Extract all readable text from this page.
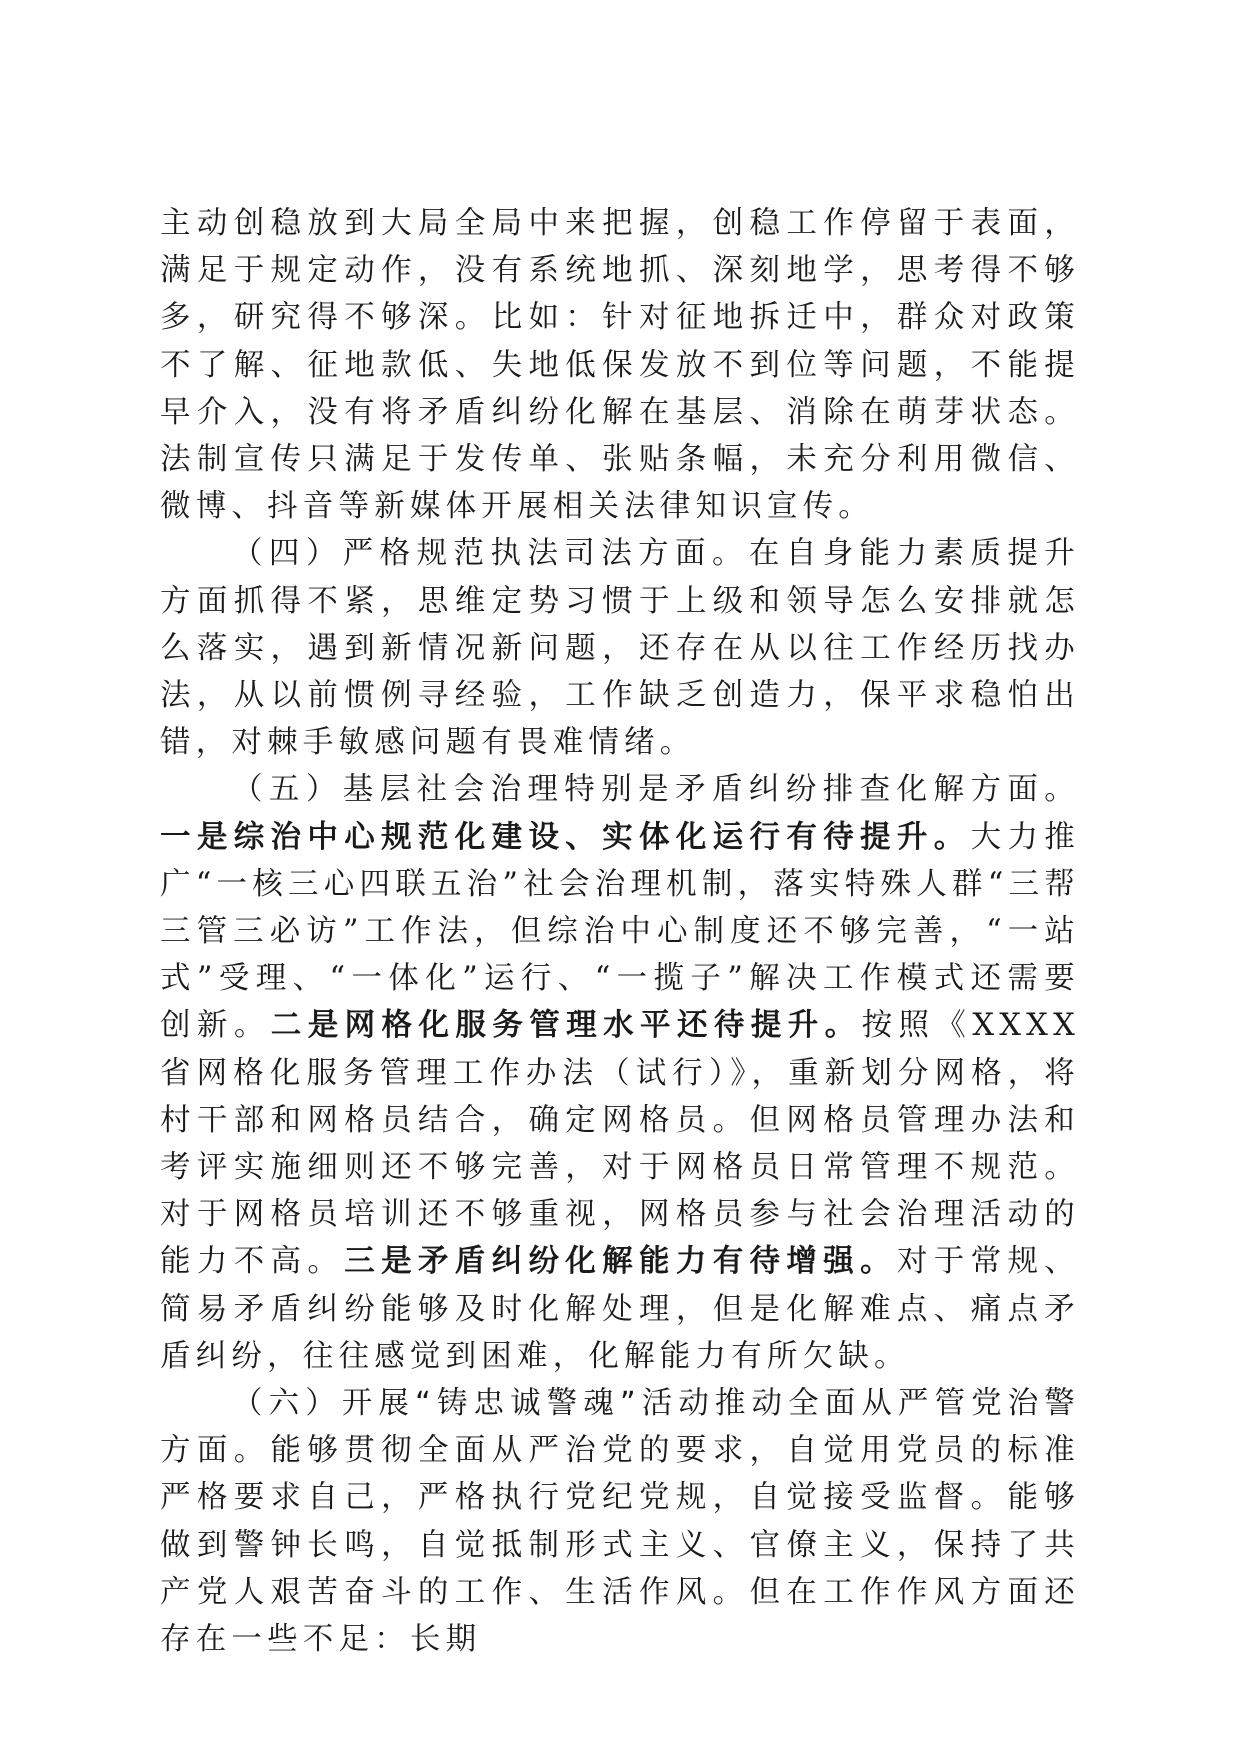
主动创稳放到大局全局中来把握，创稳工作停留于表面，满足于规定动作，没有系统地抓、深刻地学，思考得不够多，研究得不够深。比如：针对征地拆迁中，群众对政策不了解、征地款低、失地低保发放不到位等问题，不能提早介入，没有将矛盾纠纷化解在基层、消除在萌芽状态。法制宣传只满足于发传单、张贴条幅，未充分利用微信、微博、抖音等新媒体开展相关法律知识宣传。

（四）严格规范执法司法方面。在自身能力素质提升方面抓得不紧，思维定势习惯于上级和领导怎么安排就怎么落实，遇到新情况新问题，还存在从以往工作经历找办法，从以前惯例寻经验，工作缺乏创造力，保平求稳怕出错，对棘手敏感问题有畏难情绪。

（五）基层社会治理特别是矛盾纠纷排查化解方面。一是综治中心规范化建设、实体化运行有待提升。大力推广“一核三心四联五治”社会治理机制，落实特殊人群“三帮三管三必访”工作法，但综治中心制度还不够完善，“一站式”受理、“一体化”运行、“一揽子”解决工作模式还需要创新。二是网格化服务管理水平还待提升。按照《XXXX省网格化服务管理工作办法（试行）》，重新划分网格，将村干部和网格员结合，确定网格员。但网格员管理办法和考评实施细则还不够完善，对于网格员日常管理不规范。对于网格员培训还不够重视，网格员参与社会治理活动的能力不高。三是矛盾纠纷化解能力有待增强。对于常规、简易矛盾纠纷能够及时化解处理，但是化解难点、痛点矛盾纠纷，往往感觉到困难，化解能力有所欠缺。

（六）开展“铸忠诚警魂”活动推动全面从严管党治警方面。能够贯彻全面从严治党的要求，自觉用党员的标准严格要求自己，严格执行党纪党规，自觉接受监督。能够做到警钟长鸣，自觉抵制形式主义、官僚主义，保持了共产党人艰苦奋斗的工作、生活作风。但在工作作风方面还存在一些不足：长期
